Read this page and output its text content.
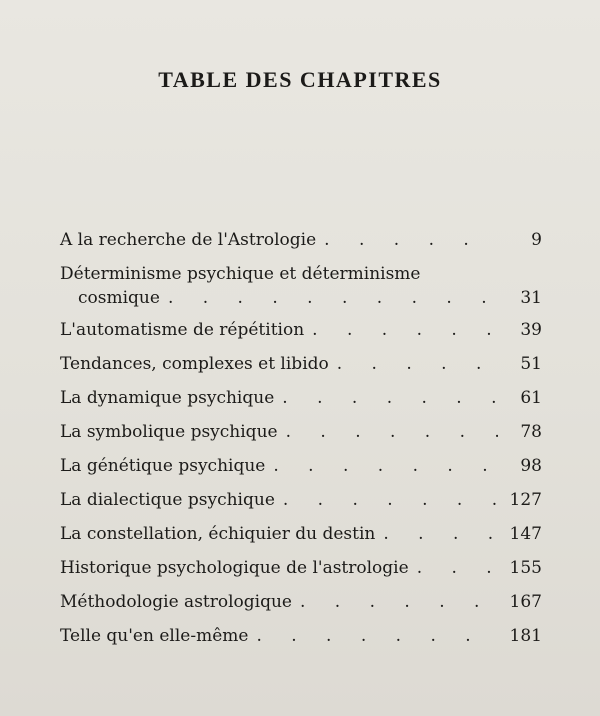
TABLE DES CHAPITRES
A la recherche de l'Astrologie . . .	9
Déterminisme psychique et déterminisme
cosmique . . .	31
L'automatisme de répétition . . .	39
Tendances, complexes et libido . . .	51
La dynamique psychique . . .	61
La symbolique psychique . . .	78
La génétique psychique . . .	98
La dialectique psychique . . .	127
La constellation, échiquier du destin . . .	147
Historique psychologique de l'astrologie . . .	155
Méthodologie astrologique . . .	167
Telle qu'en elle-même . . .	181
